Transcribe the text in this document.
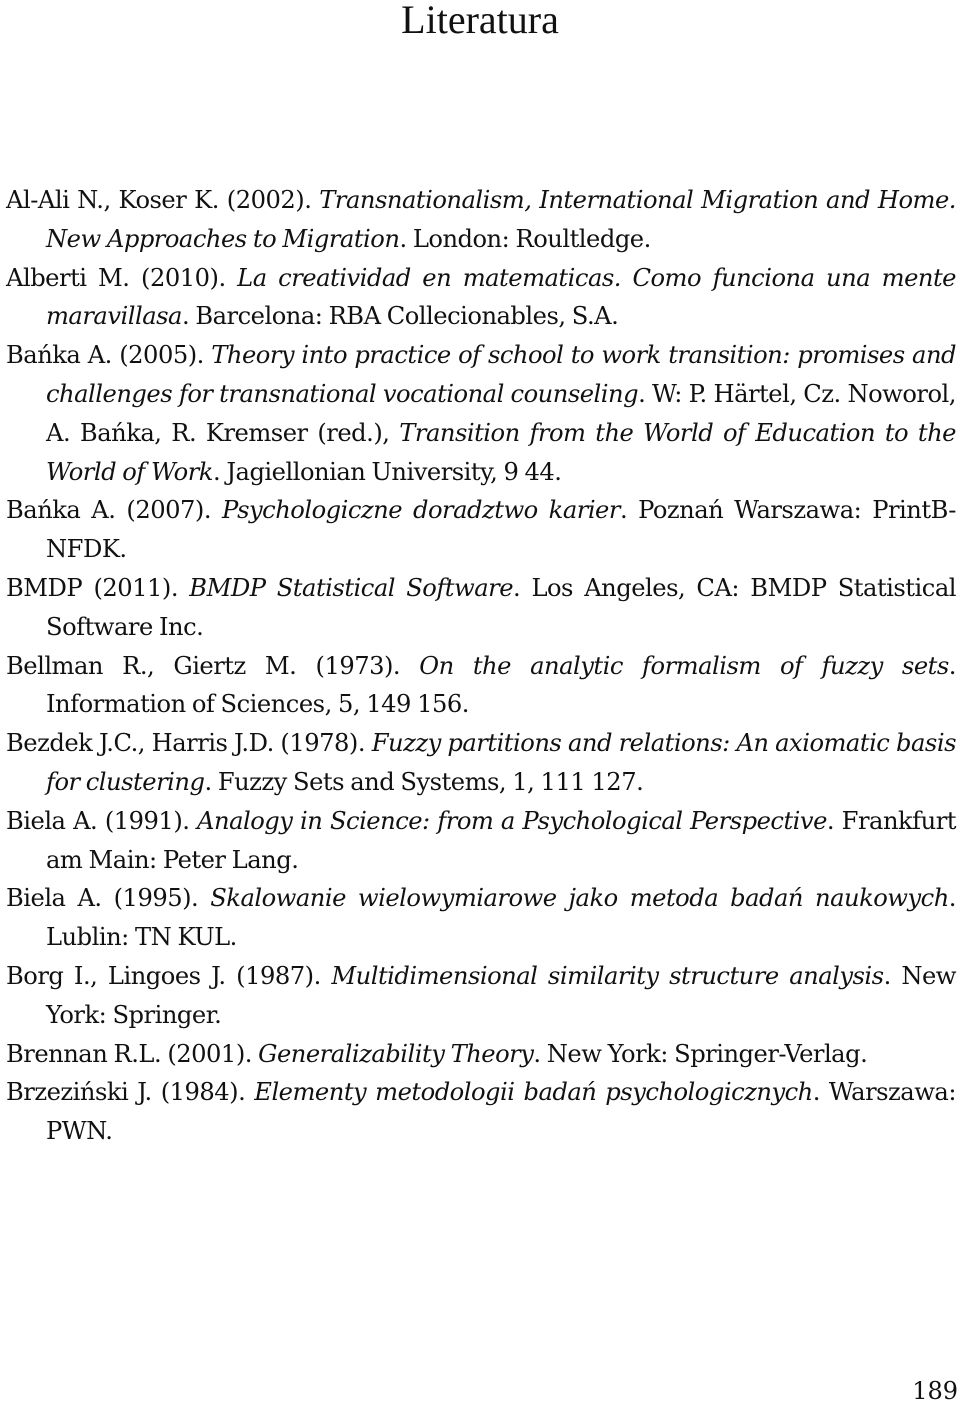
Literatura
Al-Ali N., Koser K. (2002). Transnationalism, International Migration and Home. New Approaches to Migration. London: Roultledge.
Alberti M. (2010). La creatividad en matematicas. Como funciona una mente maravillasa. Barcelona: RBA Collecionables, S.A.
Bańka A. (2005). Theory into practice of school to work transition: promises and challenges for transnational vocational counseling. W: P. Härtel, Cz. Noworol, A. Bańka, R. Kremser (red.), Transition from the World of Education to the World of Work. Jagiellonian University, 9 44.
Bańka A. (2007). Psychologiczne doradztwo karier. Poznań Warszawa: PrintB-NFDK.
BMDP (2011). BMDP Statistical Software. Los Angeles, CA: BMDP Statistical Software Inc.
Bellman R., Giertz M. (1973). On the analytic formalism of fuzzy sets. Information of Sciences, 5, 149 156.
Bezdek J.C., Harris J.D. (1978). Fuzzy partitions and relations: An axiomatic basis for clustering. Fuzzy Sets and Systems, 1, 111 127.
Biela A. (1991). Analogy in Science: from a Psychological Perspective. Frankfurt am Main: Peter Lang.
Biela A. (1995). Skalowanie wielowymiarowe jako metoda badań naukowych. Lublin: TN KUL.
Borg I., Lingoes J. (1987). Multidimensional similarity structure analysis. New York: Springer.
Brennan R.L. (2001). Generalizability Theory. New York: Springer-Verlag.
Brzeziński J. (1984). Elementy metodologii badań psychologicznych. Warszawa: PWN.
189
